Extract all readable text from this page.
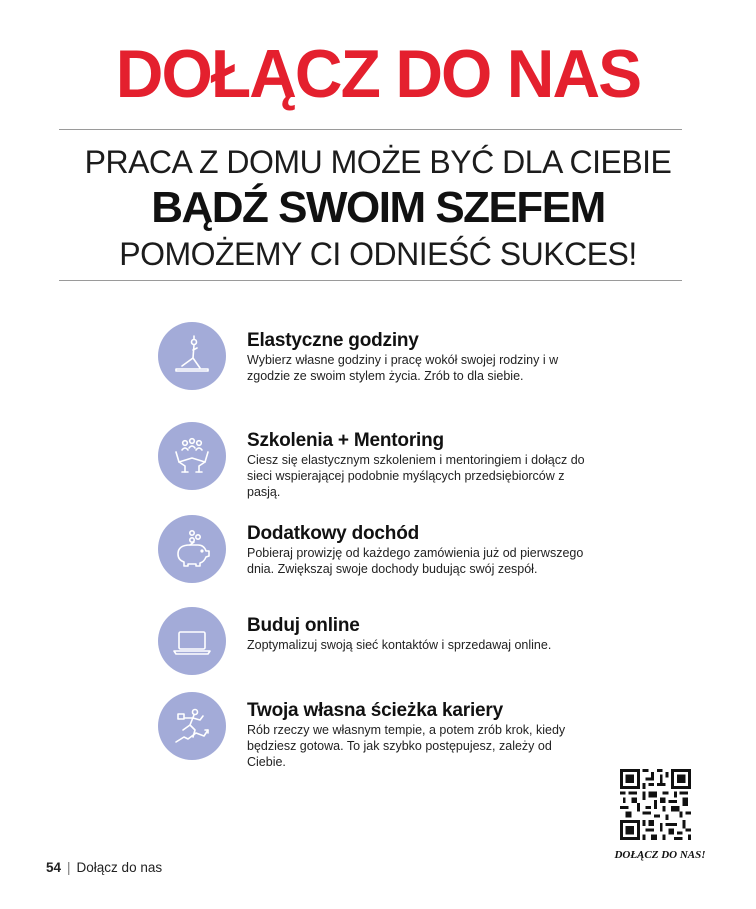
DOŁĄCZ DO NAS
PRACA Z DOMU MOŻE BYĆ DLA CIEBIE
BĄDŹ SWOIM SZEFEM
POMOŻEMY CI ODNIEŚĆ SUKCES!
Elastyczne godziny
Wybierz własne godziny i pracę wokół swojej rodziny i w zgodzie ze swoim stylem życia. Zrób to dla siebie.
Szkolenia + Mentoring
Ciesz się elastycznym szkoleniem i mentoringiem i dołącz do sieci wspierającej podobnie myślących przedsiębiorców z pasją.
Dodatkowy dochód
Pobieraj prowizję od każdego zamówienia już od pierwszego dnia. Zwiększaj swoje dochody budując swój zespół.
Buduj online
Zoptymalizuj swoją sieć kontaktów i sprzedawaj online.
Twoja własna ścieżka kariery
Rób rzeczy we własnym tempie, a potem zrób krok, kiedy będziesz gotowa. To jak szybko postępujesz, zależy od Ciebie.
DOŁĄCZ DO NAS!
54 | Dołącz do nas
